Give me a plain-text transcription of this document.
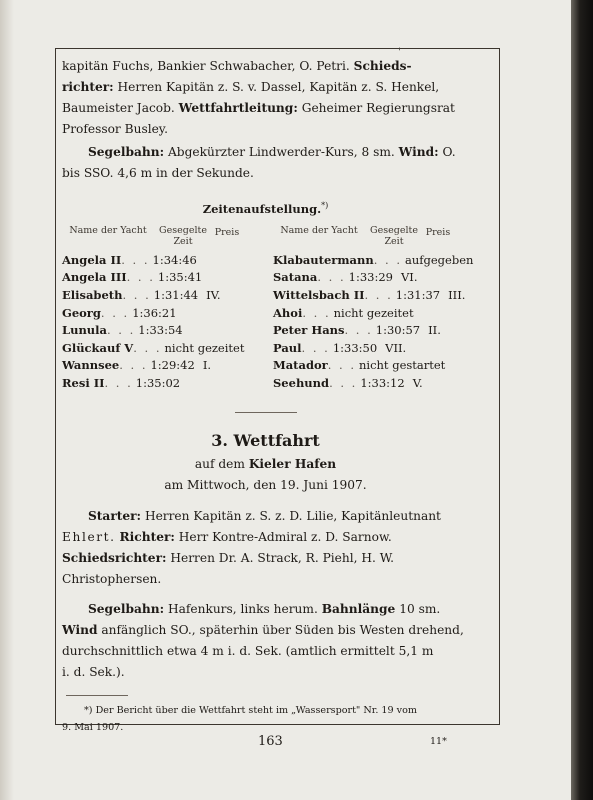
'

kapitän Fuchs, Bankier Schwabacher, O. Petri. Schieds-
richter: Herren Kapitän z. S. v. Dassel, Kapitän z. S. Henkel,
Baumeister Jacob. Wettfahrtleitung: Geheimer Regierungsrat
Professor Busley.

Segelbahn: Abgekürzter Lindwerder-Kurs, 8 sm. Wind: O.
bis SSO. 4,6 m in der Sekunde.

Zeitenaufstellung.*)
Name der Yacht	Gesegelte Zeit
Preis
Angela II . . . 1:34:46
Angela III . . . 1:35:41
Elisabeth . . . 1:31:44 IV.
Georg . . . 1:36:21
Lunula . . . 1:33:54
Glückauf V . . . nicht gezeitet
Wannsee . . . 1:29:42 I.
Resi II . . . 1:35:02
Name der Yacht	Gesegelte Zeit
Preis
Klabautermann . . . aufgegeben
Satana . . . 1:33:29 VI.
Wittelsbach II . . . 1:31:37 III.
Ahoi . . . nicht gezeitet
Peter Hans . . . 1:30:57 II.
Paul . . . 1:33:50 VII.
Matador . . . nicht gestartet
Seehund . . . 1:33:12 V.
3. Wettfahrt
auf dem Kieler Hafen
am Mittwoch, den 19. Juni 1907.

Starter: Herren Kapitän z. S. z. D. Lilie, Kapitänleutnant
Ehlert. Richter: Herr Kontre-Admiral z. D. Sarnow.
Schiedsrichter: Herren Dr. A. Strack, R. Piehl, H. W.
Christophersen.

Segelbahn: Hafenkurs, links herum. Bahnlänge 10 sm.
Wind anfänglich SO., späterhin über Süden bis Westen drehend,
durchschnittlich etwa 4 m i. d. Sek. (amtlich ermittelt 5,1 m
i. d. Sek.).

*) Der Bericht über die Wettfahrt steht im „Wassersport" Nr. 19 vom
9. Mai 1907.

163	11*
